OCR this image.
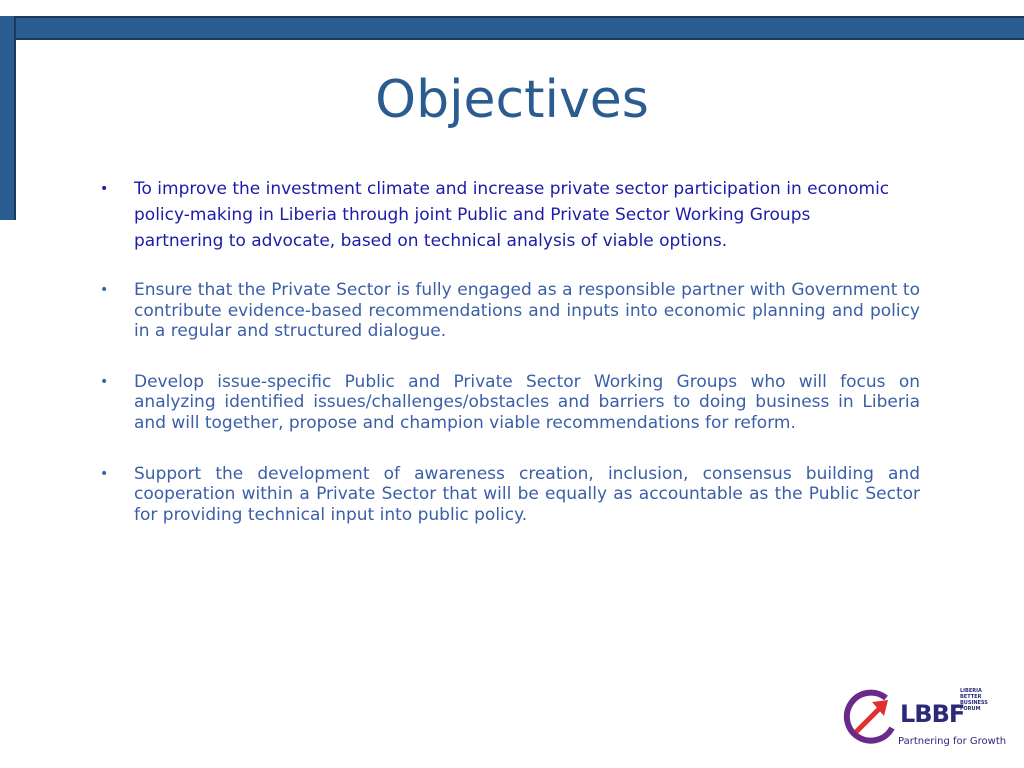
Objectives
• To improve the investment climate and increase private sector participation in economic policy-making in Liberia through joint Public and Private Sector Working Groups partnering to advocate, based on technical analysis of viable options.
• Ensure that the Private Sector is fully engaged as a responsible partner with Government to contribute evidence-based recommendations and inputs into economic planning and policy in a regular and structured dialogue.
• Develop issue-specific Public and Private Sector Working Groups who will focus on analyzing identified issues/challenges/obstacles and barriers to doing business in Liberia and will together, propose and champion viable recommendations for reform.
• Support the development of awareness creation, inclusion, consensus building and cooperation within a Private Sector that will be equally as accountable as the Public Sector for providing technical input into public policy.
LBBF
LIBERIA BETTER BUSINESS FORUM
Partnering for Growth
